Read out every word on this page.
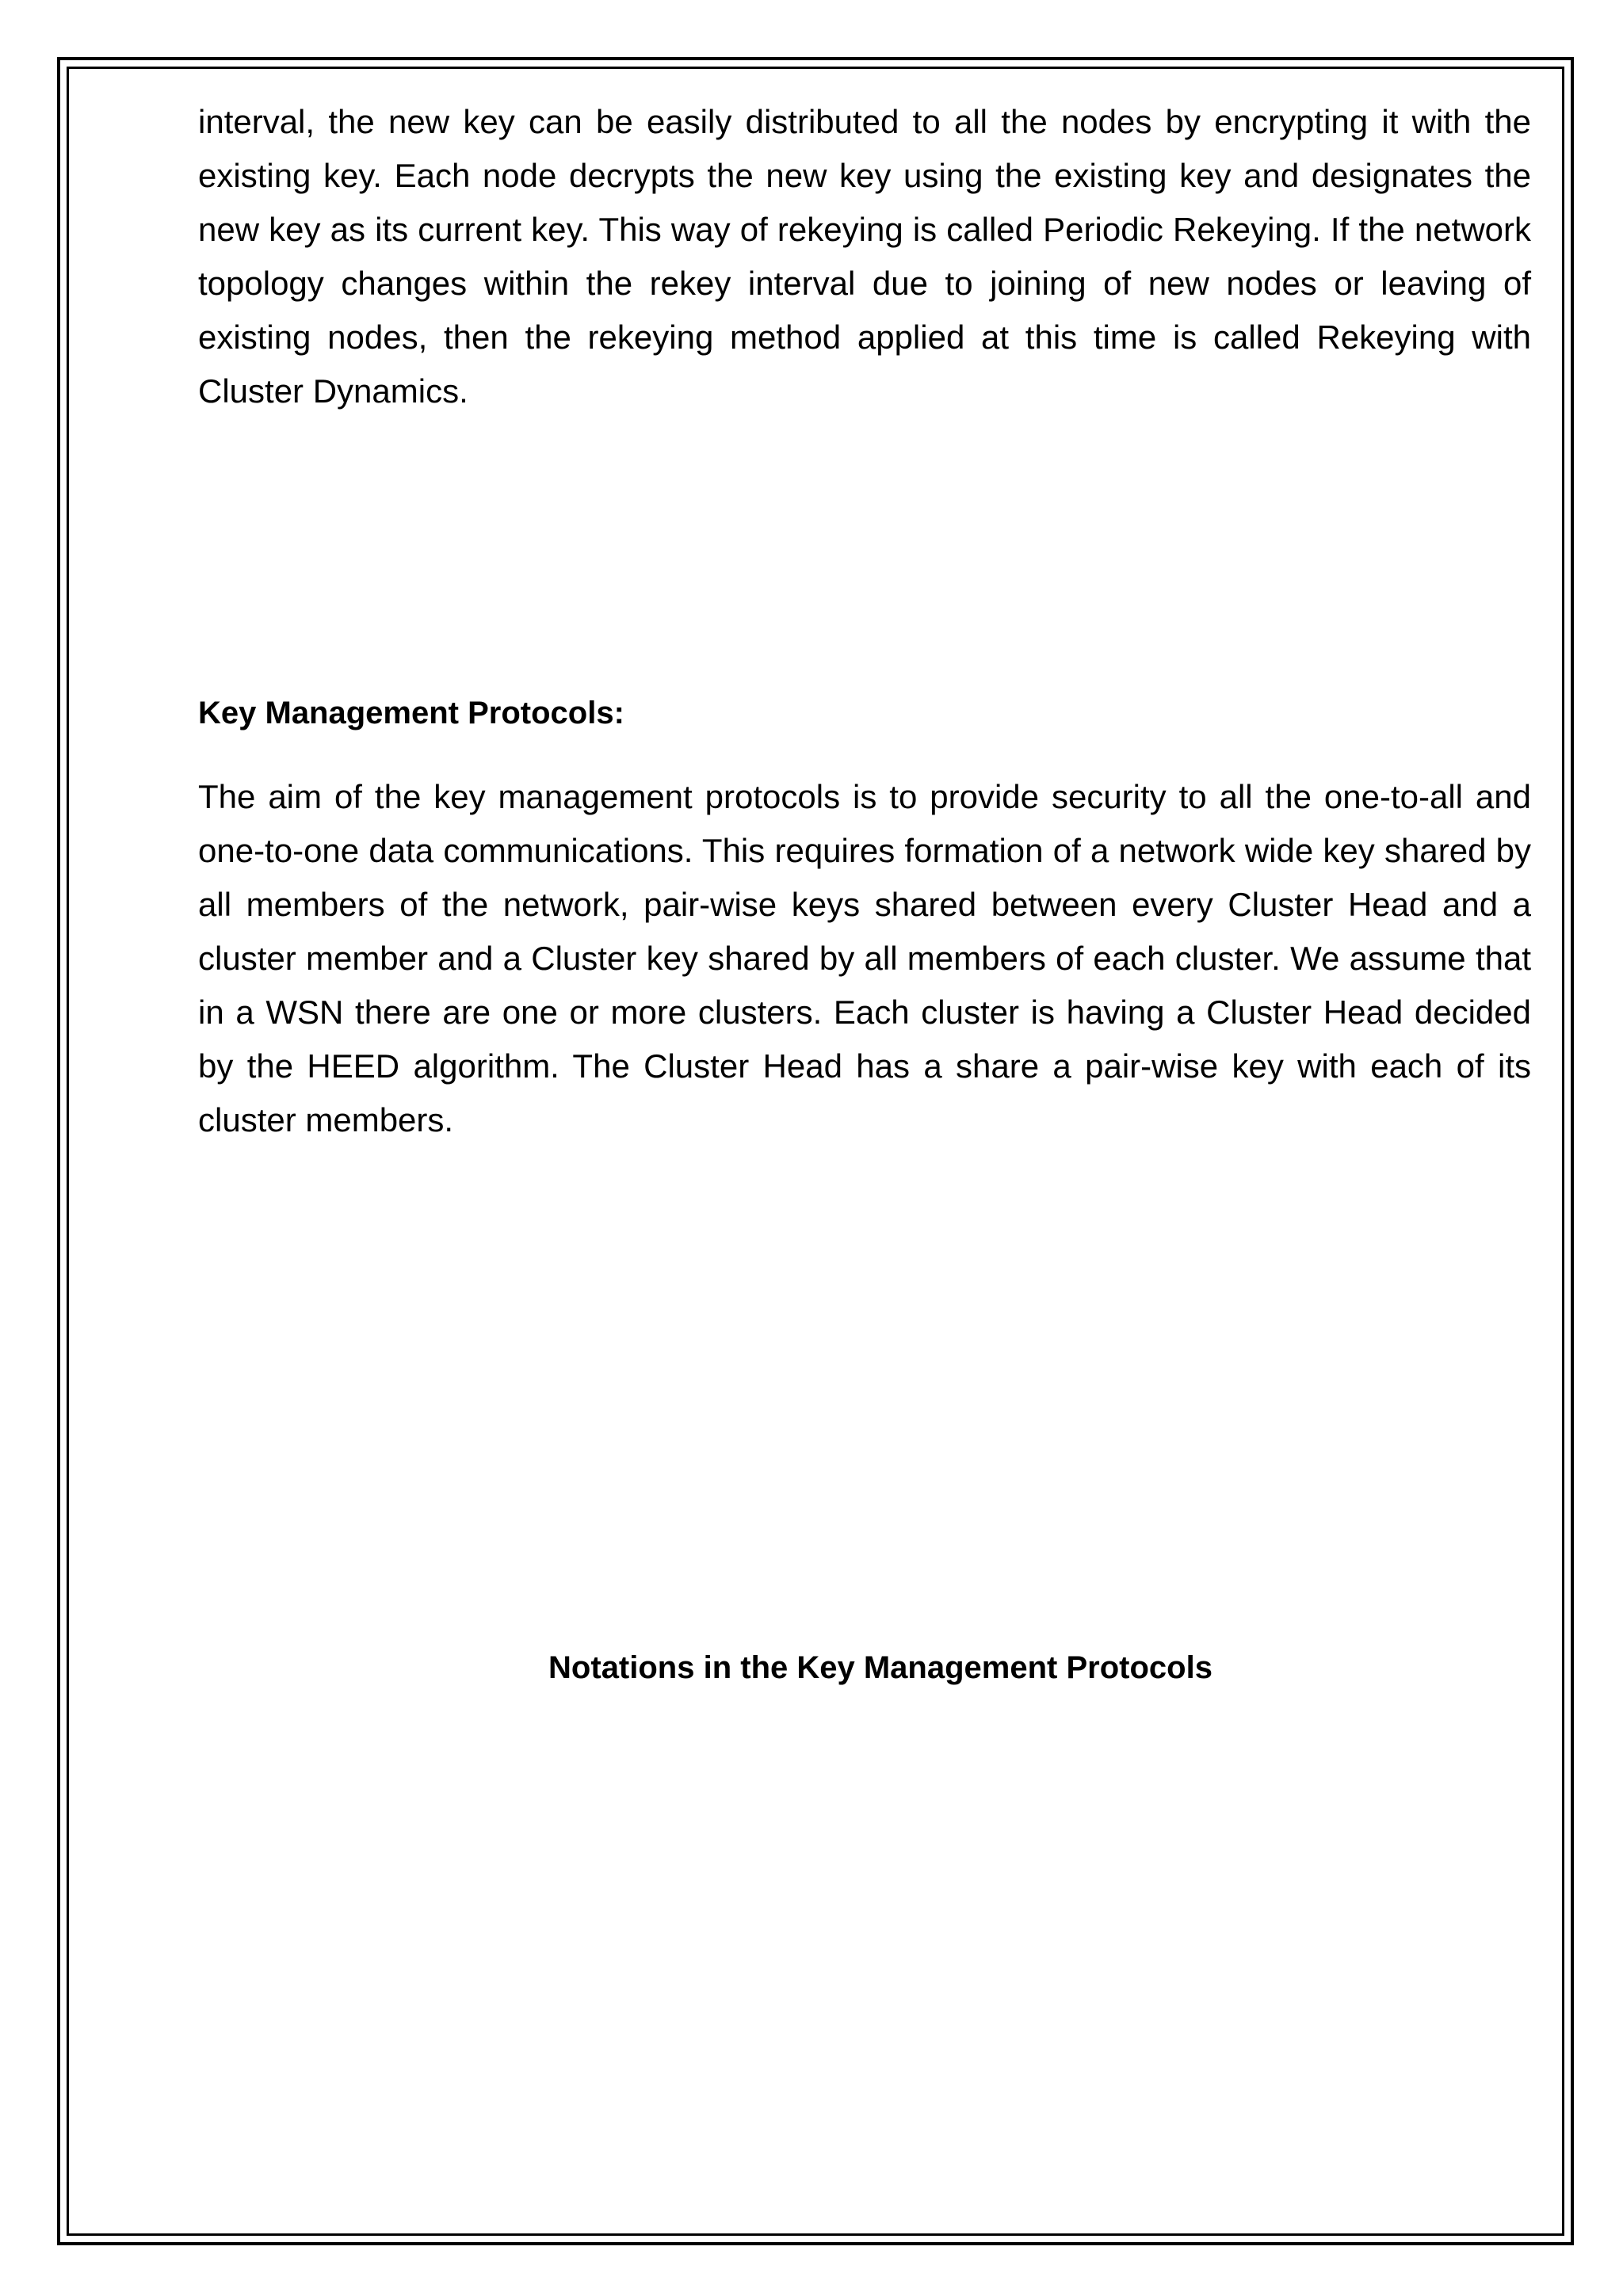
interval, the new key can be easily distributed to all the nodes by encrypting it with the existing key. Each node decrypts the new key using the existing key and designates the new key as its current key. This way of rekeying is called Periodic Rekeying. If the network topology changes within the rekey interval due to joining of new nodes or leaving of existing nodes, then the rekeying method applied at this time is called Rekeying with Cluster Dynamics.

Key Management Protocols:

The aim of the key management protocols is to provide security to all the one-to-all and one-to-one data communications. This requires formation of a network wide key shared by all members of the network, pair-wise keys shared between every Cluster Head and a cluster member and a Cluster key shared by all members of each cluster. We assume that in a WSN there are one or more clusters. Each cluster is having a Cluster Head decided by the HEED algorithm. The Cluster Head has a share a pair-wise key with each of its cluster members.

Notations in the Key Management Protocols
